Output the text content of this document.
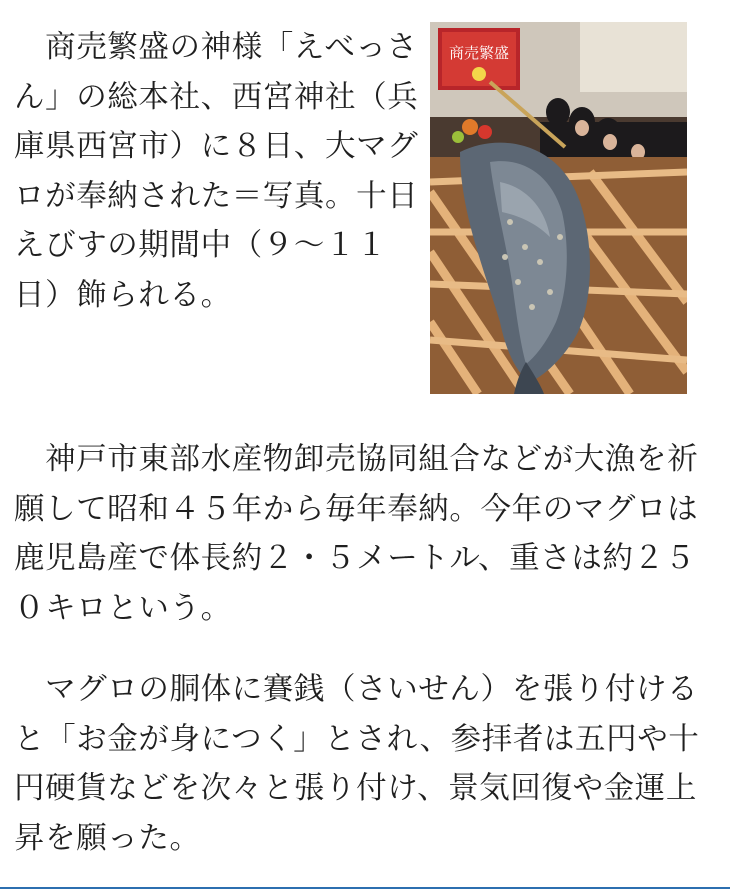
　商売繁盛の神様「えべっさ
ん」の総本社、西宮神社（兵
庫県西宮市）に８日、大マグ
ロが奉納された＝写真。十日
えびすの期間中（９～１１
日）飾られる。

商売繁盛

　神戸市東部水産物卸売協同組合などが大漁を祈
願して昭和４５年から毎年奉納。今年のマグロは
鹿児島産で体長約２・５メートル、重さは約２５
０キロという。

　マグロの胴体に賽銭（さいせん）を張り付ける
と「お金が身につく」とされ、参拝者は五円や十
円硬貨などを次々と張り付け、景気回復や金運上
昇を願った。
